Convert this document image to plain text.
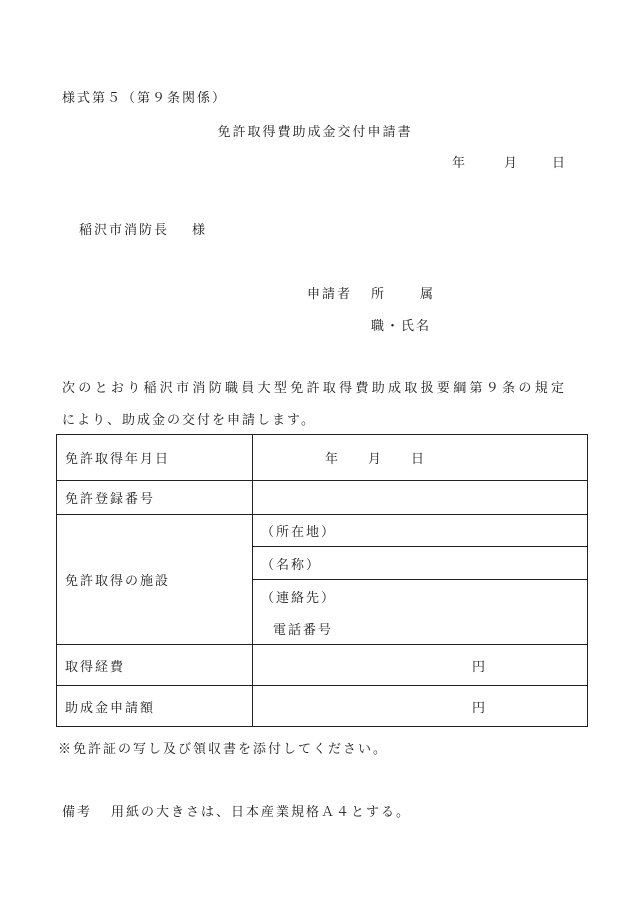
様式第５（第９条関係）
免許取得費助成金交付申請書
年	月	日
稲沢市消防長 様
申請者 所	属
職・氏名
次のとおり稲沢市消防職員大型免許取得費助成取扱要綱第９条の規定
により、助成金の交付を申請します。
免許取得年月日	年 月 日
免許登録番号	
免許取得の施設	（所在地）
	（名称）
	（連絡先）
	電話番号
取得経費	円
助成金申請額	円
※免許証の写し及び領収書を添付してください。
備考 用紙の大きさは、日本産業規格Ａ４とする。
